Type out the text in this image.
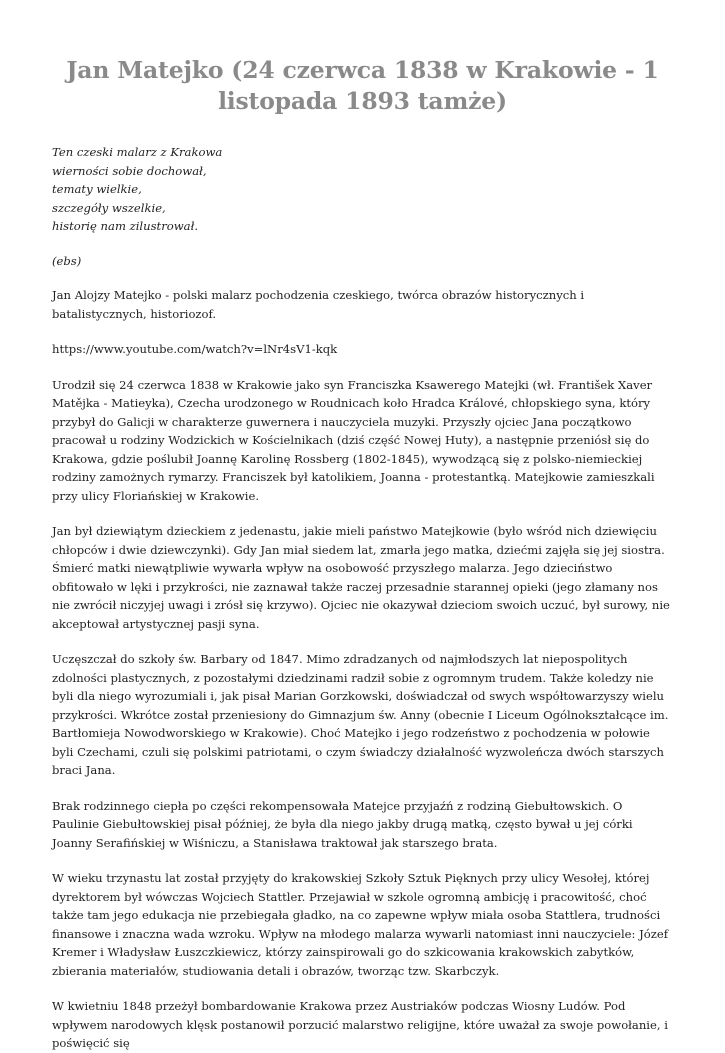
Jan Matejko (24 czerwca 1838 w Krakowie - 1 listopada 1893 tamże)
Ten czeski malarz z Krakowa
wierności sobie dochował,
tematy wielkie,
szczegóły wszelkie,
historię nam zilustrował.
(ebs)

Jan Alojzy Matejko - polski malarz pochodzenia czeskiego, twórca obrazów historycznych i batalistycznych, historiozof.

https://www.youtube.com/watch?v=lNr4sV1-kqk

Urodził się 24 czerwca 1838 w Krakowie jako syn Franciszka Ksawerego Matejki (wł. František Xaver Matějka - Matieyka), Czecha urodzonego w Roudnicach koło Hradca Králové, chłopskiego syna, który przybył do Galicji w charakterze guwernera i nauczyciela muzyki. Przyszły ojciec Jana początkowo pracował u rodziny Wodzickich w Kościelnikach (dziś część Nowej Huty), a następnie przeniósł się do Krakowa, gdzie poślubił Joannę Karolinę Rossberg (1802-1845), wywodzącą się z polsko-niemieckiej rodziny zamożnych rymarzy. Franciszek był katolikiem, Joanna - protestantką. Matejkowie zamieszkali przy ulicy Floriańskiej w Krakowie.

Jan był dziewiątym dzieckiem z jedenastu, jakie mieli państwo Matejkowie (było wśród nich dziewięciu chłopców i dwie dziewczynki). Gdy Jan miał siedem lat, zmarła jego matka, dziećmi zajęła się jej siostra. Śmierć matki niewątpliwie wywarła wpływ na osobowość przyszłego malarza. Jego dzieciństwo obfitowało w lęki i przykrości, nie zaznawał także raczej przesadnie starannej opieki (jego złamany nos nie zwrócił niczyjej uwagi i zrósł się krzywo). Ojciec nie okazywał dzieciom swoich uczuć, był surowy, nie akceptował artystycznej pasji syna.

Uczęszczał do szkoły św. Barbary od 1847. Mimo zdradzanych od najmłodszych lat niepospolitych zdolności plastycznych, z pozostałymi dziedzinami radził sobie z ogromnym trudem. Także koledzy nie byli dla niego wyrozumiali i, jak pisał Marian Gorzkowski, doświadczał od swych współtowarzyszy wielu przykrości. Wkrótce został przeniesiony do Gimnazjum św. Anny (obecnie I Liceum Ogólnokształcące im. Bartłomieja Nowodworskiego w Krakowie). Choć Matejko i jego rodzeństwo z pochodzenia w połowie byli Czechami, czuli się polskimi patriotami, o czym świadczy działalność wyzwoleńcza dwóch starszych braci Jana.

Brak rodzinnego ciepła po części rekompensowała Matejce przyjaźń z rodziną Giebułtowskich. O Paulinie Giebułtowskiej pisał później, że była dla niego jakby drugą matką, często bywał u jej córki Joanny Serafińskiej w Wiśniczu, a Stanisława traktował jak starszego brata.

W wieku trzynastu lat został przyjęty do krakowskiej Szkoły Sztuk Pięknych przy ulicy Wesołej, której dyrektorem był wówczas Wojciech Stattler. Przejawiał w szkole ogromną ambicję i pracowitość, choć także tam jego edukacja nie przebiegała gładko, na co zapewne wpływ miała osoba Stattlera, trudności finansowe i znaczna wada wzroku. Wpływ na młodego malarza wywarli natomiast inni nauczyciele: Józef Kremer i Władysław Łuszczkiewicz, którzy zainspirowali go do szkicowania krakowskich zabytków, zbierania materiałów, studiowania detali i obrazów, tworząc tzw. Skarbczyk.

W kwietniu 1848 przeżył bombardowanie Krakowa przez Austriaków podczas Wiosny Ludów. Pod wpływem narodowych klęsk postanowił porzucić malarstwo religijne, które uważał za swoje powołanie, i poświęcić się
